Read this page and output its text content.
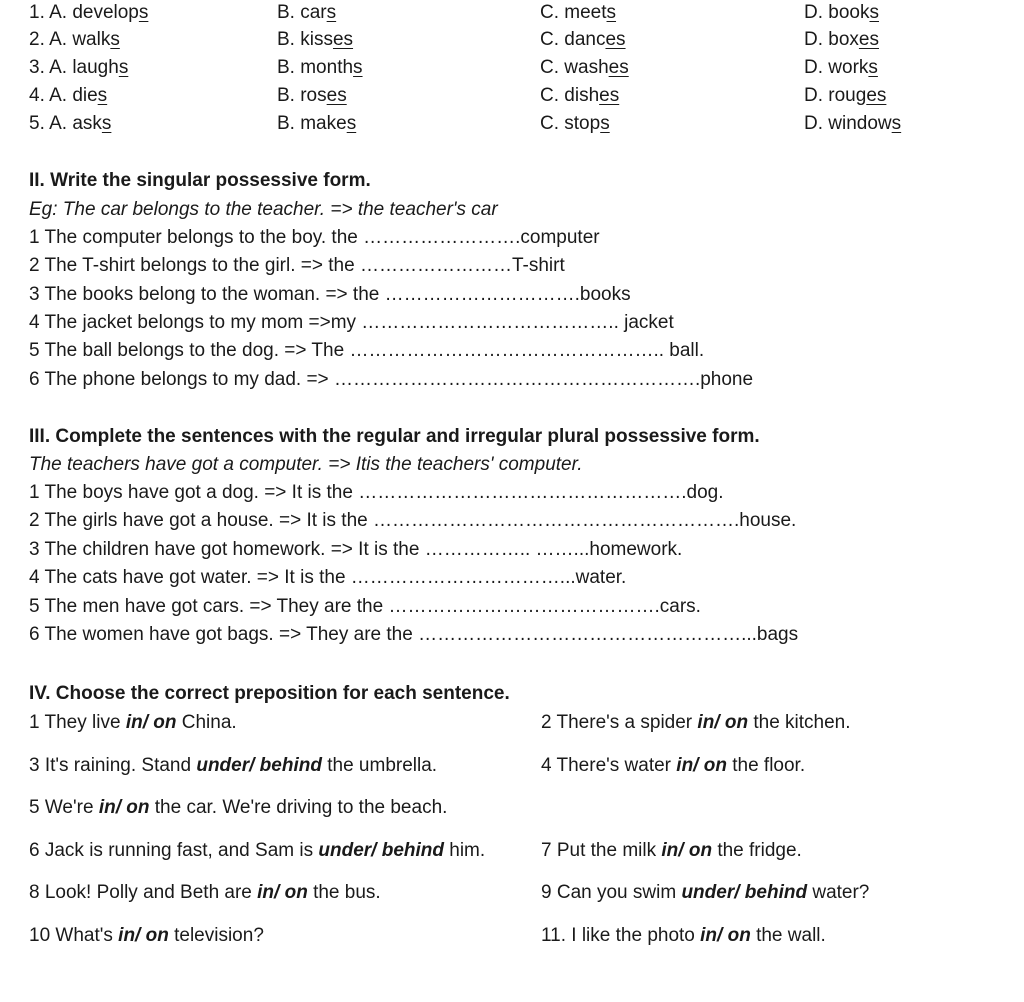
1. A. develops	B. cars	C. meets	D. books
2. A. walks	B. kisses	C. dances	D. boxes
3. A. laughs	B. months	C. washes	D. works
4. A. dies	B. roses	C. dishes	D. rouges
5. A. asks	B. makes	C. stops	D. windows
II. Write the singular possessive form.
Eg: The car belongs to the teacher. => the teacher's car
1 The computer belongs to the boy. the …………………….computer
2 The T-shirt belongs to the girl. => the ……………………T-shirt
3 The books belong to the woman. => the ………………………….books
4 The jacket belongs to my mom =>my ………………………………….. jacket
5 The ball belongs to the dog. => The ………………………………………….. ball.
6 The phone belongs to my dad. => ………………………………………………….phone
III. Complete the sentences with the regular and irregular plural possessive form.
The teachers have got a computer. => Itis the teachers' computer.
1 The boys have got a dog. => It is the …………………………………………….dog.
2 The girls have got a house. => It is the ………………………………………………….house.
3 The children have got homework. => It is the …………….. ……...homework.
4 The cats have got water. => It is the ……………………………...water.
5 The men have got cars. => They are the …………………………………….cars.
6 The women have got bags. => They are the ……………………………………………...bags
IV. Choose the correct preposition for each sentence.
1 They live in/ on China.	2 There's a spider in/ on the kitchen.
3 It's raining. Stand under/ behind the umbrella.	4 There's water in/ on the floor.
5 We're in/ on the car. We're driving to the beach.
6 Jack is running fast, and Sam is under/ behind him.	7 Put the milk in/ on the fridge.
8 Look! Polly and Beth are in/ on the bus.	9 Can you swim under/ behind water?
10 What's in/ on television?	11. I like the photo in/ on the wall.
